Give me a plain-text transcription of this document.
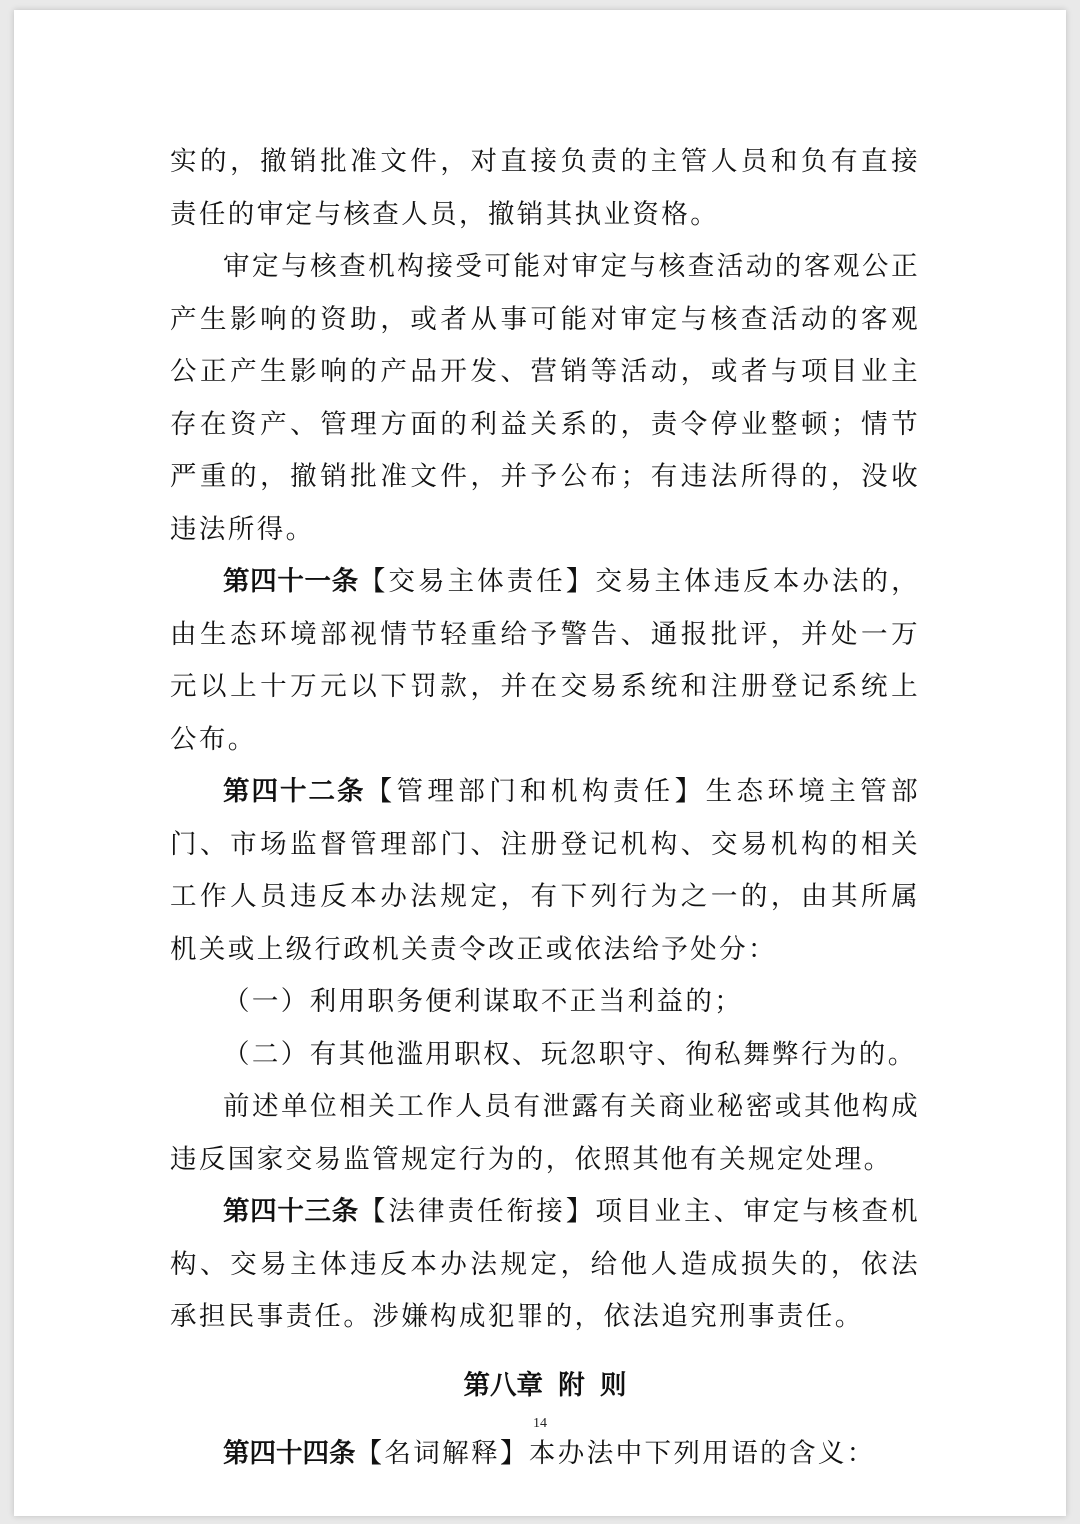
实的，撤销批准文件，对直接负责的主管人员和负有直接责任的审定与核查人员，撤销其执业资格。

审定与核查机构接受可能对审定与核查活动的客观公正产生影响的资助，或者从事可能对审定与核查活动的客观公正产生影响的产品开发、营销等活动，或者与项目业主存在资产、管理方面的利益关系的，责令停业整顿；情节严重的，撤销批准文件，并予公布；有违法所得的，没收违法所得。

第四十一条【交易主体责任】交易主体违反本办法的，由生态环境部视情节轻重给予警告、通报批评，并处一万元以上十万元以下罚款，并在交易系统和注册登记系统上公布。

第四十二条【管理部门和机构责任】生态环境主管部门、市场监督管理部门、注册登记机构、交易机构的相关工作人员违反本办法规定，有下列行为之一的，由其所属机关或上级行政机关责令改正或依法给予处分：

（一）利用职务便利谋取不正当利益的；

（二）有其他滥用职权、玩忽职守、徇私舞弊行为的。

前述单位相关工作人员有泄露有关商业秘密或其他构成违反国家交易监管规定行为的，依照其他有关规定处理。

第四十三条【法律责任衔接】项目业主、审定与核查机构、交易主体违反本办法规定，给他人造成损失的，依法承担民事责任。涉嫌构成犯罪的，依法追究刑事责任。

第八章 附 则

第四十四条【名词解释】本办法中下列用语的含义：

14
